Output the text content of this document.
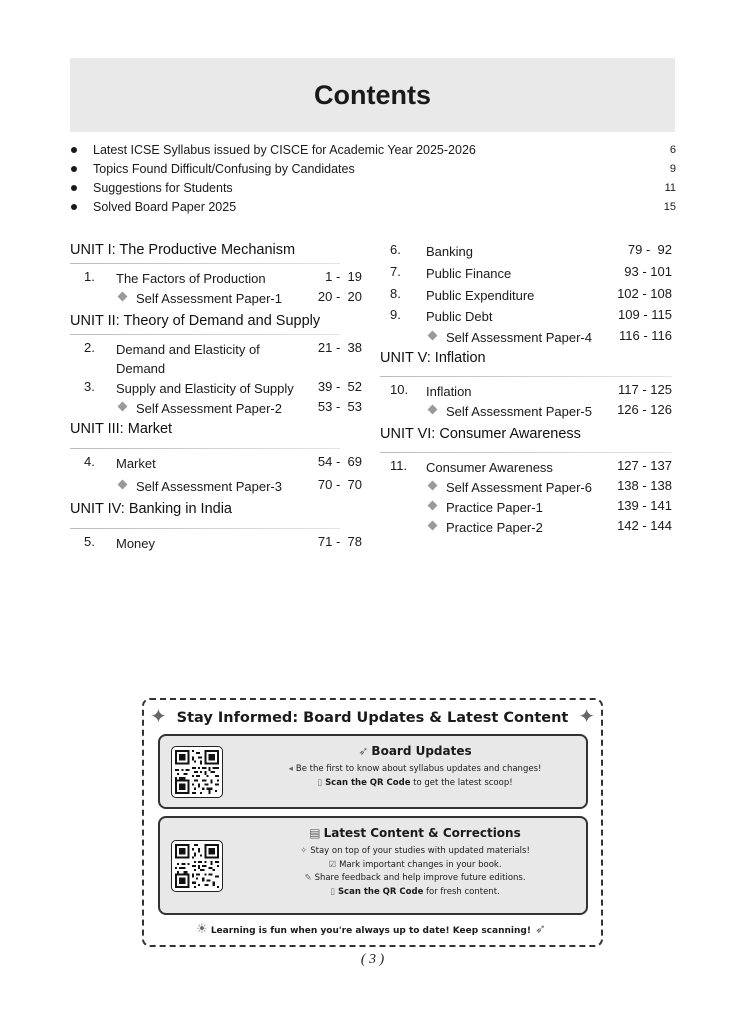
Contents
Latest ICSE Syllabus issued by CISCE for Academic Year 2025-2026	6
Topics Found Difficult/Confusing by Candidates	9
Suggestions for Students	11
Solved Board Paper 2025	15
UNIT I: The Productive Mechanism
1. The Factors of Production	1 -  19
Self Assessment Paper-1	20 -  20
UNIT II: Theory of Demand and Supply
2. Demand and Elasticity of Demand
21 -  38
3. Supply and Elasticity of Supply	39 -  52
Self Assessment Paper-2	53 -  53
UNIT III: Market
4. Market	54 -  69
Self Assessment Paper-3	70 -  70
UNIT IV: Banking in India
5. Money	71 -  78
6. Banking	79 -  92
7. Public Finance	93 - 101
8. Public Expenditure	102 - 108
9. Public Debt	109 - 115
Self Assessment Paper-4	116 - 116
UNIT V: Inflation
10. Inflation	117 - 125
Self Assessment Paper-5	126 - 126
UNIT VI: Consumer Awareness
11. Consumer Awareness	127 - 137
Self Assessment Paper-6	138 - 138
Practice Paper-1	139 - 141
Practice Paper-2	142 - 144
✦ Stay Informed: Board Updates & Latest Content ✦
➶ Board Updates
◂ Be the first to know about syllabus updates and changes!
▯ Scan the QR Code to get the latest scoop!
▤ Latest Content & Corrections
✧ Stay on top of your studies with updated materials!
☑ Mark important changes in your book.
✎ Share feedback and help improve future editions.
▯ Scan the QR Code for fresh content.
☀ Learning is fun when you're always up to date! Keep scanning! ➶
( 3 )
